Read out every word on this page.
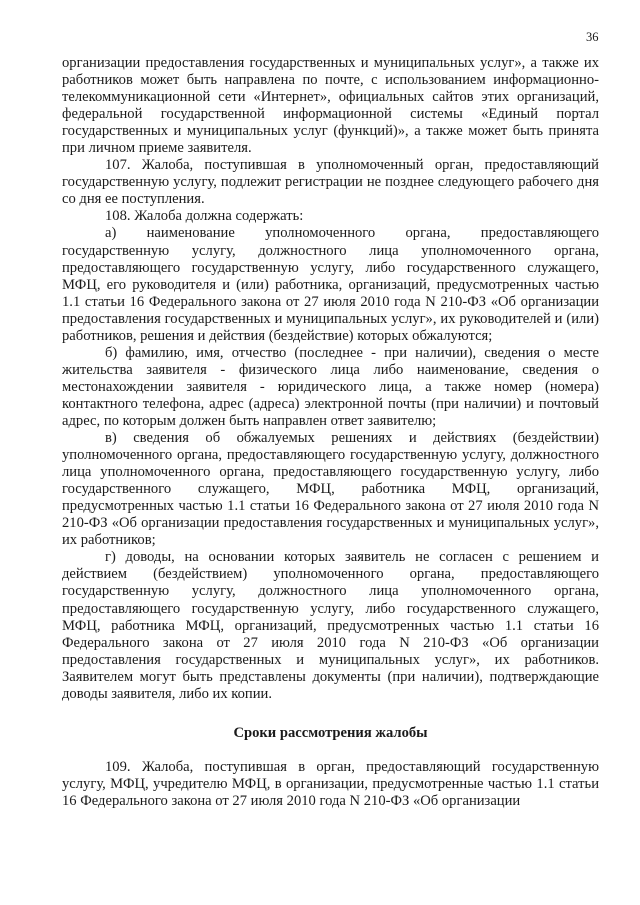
36

организации предоставления государственных и муниципальных услуг», а также их работников может быть направлена по почте, с использованием информационно-телекоммуникационной сети «Интернет», официальных сайтов этих организаций, федеральной государственной информационной системы «Единый портал государственных и муниципальных услуг (функций)», а также может быть принята при личном приеме заявителя.

107. Жалоба, поступившая в уполномоченный орган, предоставляющий государственную услугу, подлежит регистрации не позднее следующего рабочего дня со дня ее поступления.

108. Жалоба должна содержать:

а) наименование уполномоченного органа, предоставляющего государственную услугу, должностного лица уполномоченного органа, предоставляющего государственную услугу, либо государственного служащего, МФЦ, его руководителя и (или) работника, организаций, предусмотренных частью 1.1 статьи 16 Федерального закона от 27 июля 2010 года N 210-ФЗ «Об организации предоставления государственных и муниципальных услуг», их руководителей и (или) работников, решения и действия (бездействие) которых обжалуются;

б) фамилию, имя, отчество (последнее - при наличии), сведения о месте жительства заявителя - физического лица либо наименование, сведения о местонахождении заявителя - юридического лица, а также номер (номера) контактного телефона, адрес (адреса) электронной почты (при наличии) и почтовый адрес, по которым должен быть направлен ответ заявителю;

в) сведения об обжалуемых решениях и действиях (бездействии) уполномоченного органа, предоставляющего государственную услугу, должностного лица уполномоченного органа, предоставляющего государственную услугу, либо государственного служащего, МФЦ, работника МФЦ, организаций, предусмотренных частью 1.1 статьи 16 Федерального закона от 27 июля 2010 года N 210-ФЗ «Об организации предоставления государственных и муниципальных услуг», их работников;

г) доводы, на основании которых заявитель не согласен с решением и действием (бездействием) уполномоченного органа, предоставляющего государственную услугу, должностного лица уполномоченного органа, предоставляющего государственную услугу, либо государственного служащего, МФЦ, работника МФЦ, организаций, предусмотренных частью 1.1 статьи 16 Федерального закона от 27 июля 2010 года N 210-ФЗ «Об организации предоставления государственных и муниципальных услуг», их работников. Заявителем могут быть представлены документы (при наличии), подтверждающие доводы заявителя, либо их копии.

Сроки рассмотрения жалобы

109. Жалоба, поступившая в орган, предоставляющий государственную услугу, МФЦ, учредителю МФЦ, в организации, предусмотренные частью 1.1 статьи 16 Федерального закона от 27 июля 2010 года N 210-ФЗ «Об организации
